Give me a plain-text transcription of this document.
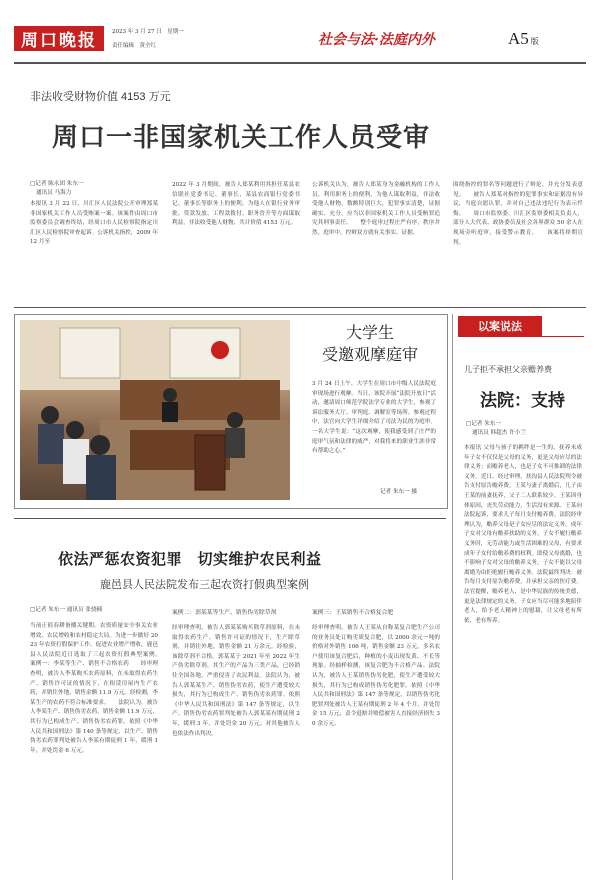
周口晚报	2023 年 3 月 27 日　星期一
责任编辑　黄全红	社会与法·法庭内外	A5 版
非法收受财物价值 4153 万元
周口一非国家机关工作人员受审
□记者 陈永团 朱东一
通讯员 马海力

本报讯 3 月 22 日，川汇区人民法院公开审理郑某非国家机关工作人员受贿案一案。该案件由周口市监察委员会调查终结，经周口市人民检察院指定川汇区人民检察院审查起诉。公诉机关指控，2009 年 12 月至

2022 年 3 月期间，被告人郑某利用其担任某县农信联社党委书记、董事长，某县农商银行党委书记、董事长等职务上的便利，为他人在银行业务审批、贷款发放、工程款拨付、职务晋升等方面谋取利益，非法收受他人财物，共计价值 4153 万元。

公诉机关认为，被告人郑某身为金融机构的工作人员，利用职务上的便利，为他人谋取利益，非法收受他人财物，数额特别巨大，犯罪事实清楚，证据确实、充分，应当以非国家机关工作人员受贿罪追究其刑事责任。　　整个庭审过程庄严有序，秩序井然。庭审中，控辩双方就有关事实、证据、

围绕指控的罪名等问题进行了辩论，并充分发表意见。　　被告人郑某对指控的犯罪事实和证据没有异议，当庭自愿认罪，并对自己违法违纪行为表示忏悔。　　周口市监察委、川汇区监察委相关负责人，部分人大代表、政协委员及社会各界群众 50 余人在现场旁听庭审，接受警示教育。　　该案将择期宣判。

大学生
受邀观摩庭审

3 月 24 日上午，大学生在周口市中级人民法院庭审现场进行观摩。当日，该院开展“法院开放日”活动，邀请周口师范学院法学专业的大学生，参观了诉讼服务大厅、审判庭、调解室等场所。参观过程中，法官向大学生详细介绍了司法为民的为庭审。一名大学生说：“这次观摩，使我感受到了庄严的庭审气氛和法律的威严，对我将来的职业生涯非常有帮助之心。”

记者 朱东一 摄
以案说法
儿子拒不承担父亲赡养费
法院：支持
□记者 朱东一
通讯员 韩超杰 许小兰

本报讯 父母与孩子的羁绊是一生的，抚养未成年子女不仅仅是父母的义务，更是父母应尽的法律义务；而赡养老人，也是子女不可推卸的法律义务。近日，经过审理，扶沟县人民法院判令被告支付原告赡养费。王某与妻子离婚后，儿子由王某的前妻抚养，父子二人联系较少。王某因身体原因，丧失劳动能力，生活没有来源。王某向法院起诉，要求儿子每月支付赡养费。法院经审理认为，赡养父母是子女应尽的法定义务。成年子女对父母有赡养扶助的义务，子女不履行赡养义务时，无劳动能力或生活困难的父母，有要求成年子女付给赡养费的权利。即使父母离婚，也不影响子女对父母的赡养义务，子女不能以父母离婚为由拒绝履行赡养义务。法院最终判决：被告每月支付原告赡养费，并承担父亲的医疗费。法官提醒，赡养老人，是中华民族的传统美德，更是法律规定的义务。子女应当尽可能多地陪伴老人，给予老人精神上的慰藉，让父母老有所依、老有所养。

依法严惩农资犯罪　切实维护农民利益
鹿邑县人民法院发布三起农资打假典型案例
□记者 朱东一 通讯员 张骁楠

当前正值春耕备播关键期，农资质量安全事关农业增效、农民增收和农村稳定大局。为进一步做好 2023 年农资打假保护工作，促进农业增产增收，鹿邑县人民法院近日选取了三起农资打假典型案例。　　案例一：李某等生产、销售不合格农药　　经审理查明，被告人李某购买农药原料，在未取得农药生产、销售许可证的情况下，在租赁房屋内生产农药，并销往外地，销售金额 11.9 万元。经检测，李某生产的农药不符合标准要求。　　法院认为，被告人李某生产、销售伪劣农药，销售金额 11.9 万元，其行为已构成生产、销售伪劣农药罪。依照《中华人民共和国刑法》第 140 条等规定，以生产、销售伪劣农药罪判处被告人李某有期徒刑 1 年，缓刑 1 年，并处罚金 6 万元。

案例二：郭某某等生产、销售伪劣除草剂

经审理查明，被告人郭某某购买除草剂原料，在未取得农药生产、销售许可证的情况下，生产除草剂，并销往外地，销售金额 21 万余元。经检验，该除草剂不合格。郭某某于 2021 年至 2022 年生产伪劣除草剂，其生产的产品为三类产品，已经销往全国各地，严重侵害了农民利益。法院认为，被告人郭某某生产、销售伪劣农药，使生产遭受较大损失，其行为已构成生产、销售伪劣农药罪。依照《中华人民共和国刑法》第 147 条等规定，以生产、销售伪劣农药罪判处被告人郭某某有期徒刑 2 年，缓刑 3 年，并处罚金 20 万元；对其他被告人也依法作出判决。

案例三：王某销售不合格复合肥

经审理查明，被告人王某从自称某复合肥生产公司的业务员处订购劣质复合肥，以 2000 余元一吨的价格对外销售 106 吨，销售金额 23 万元。多名农户使用该复合肥后，种植的小麦出现发黄、不长等现象。经抽样检测，该复合肥为不合格产品。法院认为，被告人王某销售伪劣化肥，使生产遭受较大损失，其行为已构成销售伪劣化肥罪。依照《中华人民共和国刑法》第 147 条等规定，以销售伪劣化肥罪判处被告人王某有期徒刑 2 年 4 个月，并处罚金 15 万元；责令退赔并赔偿被害人直接经济损失 30 余万元。
